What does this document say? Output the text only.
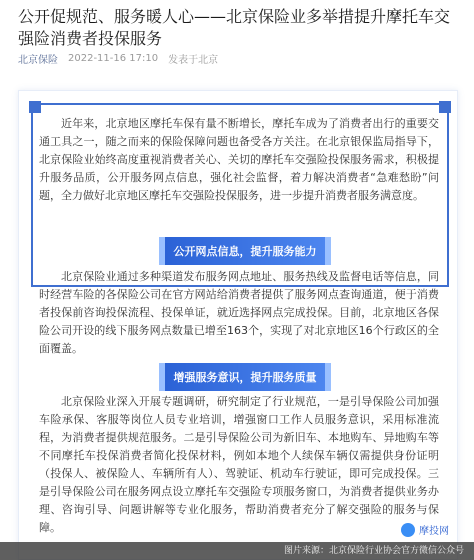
公开促规范、服务暖人心——北京保险业多举措提升摩托车交强险消费者投保服务
北京保险 2022-11-16 17:10 发表于北京

近年来，北京地区摩托车保有量不断增长，摩托车成为了消费者出行的重要交通工具之一，随之而来的保险保障问题也备受各方关注。在北京银保监局指导下，北京保险业始终高度重视消费者关心、关切的摩托车交强险投保服务需求，积极提升服务品质，公开服务网点信息，强化社会监督，着力解决消费者“急难愁盼”问题，全力做好北京地区摩托车交强险投保服务，进一步提升消费者服务满意度。

公开网点信息，提升服务能力

北京保险业通过多种渠道发布服务网点地址、服务热线及监督电话等信息，同时经营车险的各保险公司在官方网站给消费者提供了服务网点查询通道，便于消费者投保前咨询投保流程、投保单证，就近选择网点完成投保。目前，北京地区各保险公司开设的线下服务网点数量已增至163个，实现了对北京地区16个行政区的全面覆盖。

增强服务意识，提升服务质量

北京保险业深入开展专题调研，研究制定了行业规范，一是引导保险公司加强车险承保、客服等岗位人员专业培训，增强窗口工作人员服务意识，采用标准流程，为消费者提供规范服务。二是引导保险公司为新旧车、本地购车、异地购车等不同摩托车投保消费者简化投保材料，例如本地个人续保车辆仅需提供身份证明（投保人、被保险人、车辆所有人）、驾驶证、机动车行驶证，即可完成投保。三是引导保险公司在服务网点设立摩托车交强险专项服务窗口，为消费者提供业务办理、咨询引导、问题讲解等专业化服务，帮助消费者充分了解交强险的服务与保障。	摩投网
图片来源：北京保险行业协会官方微信公众号
